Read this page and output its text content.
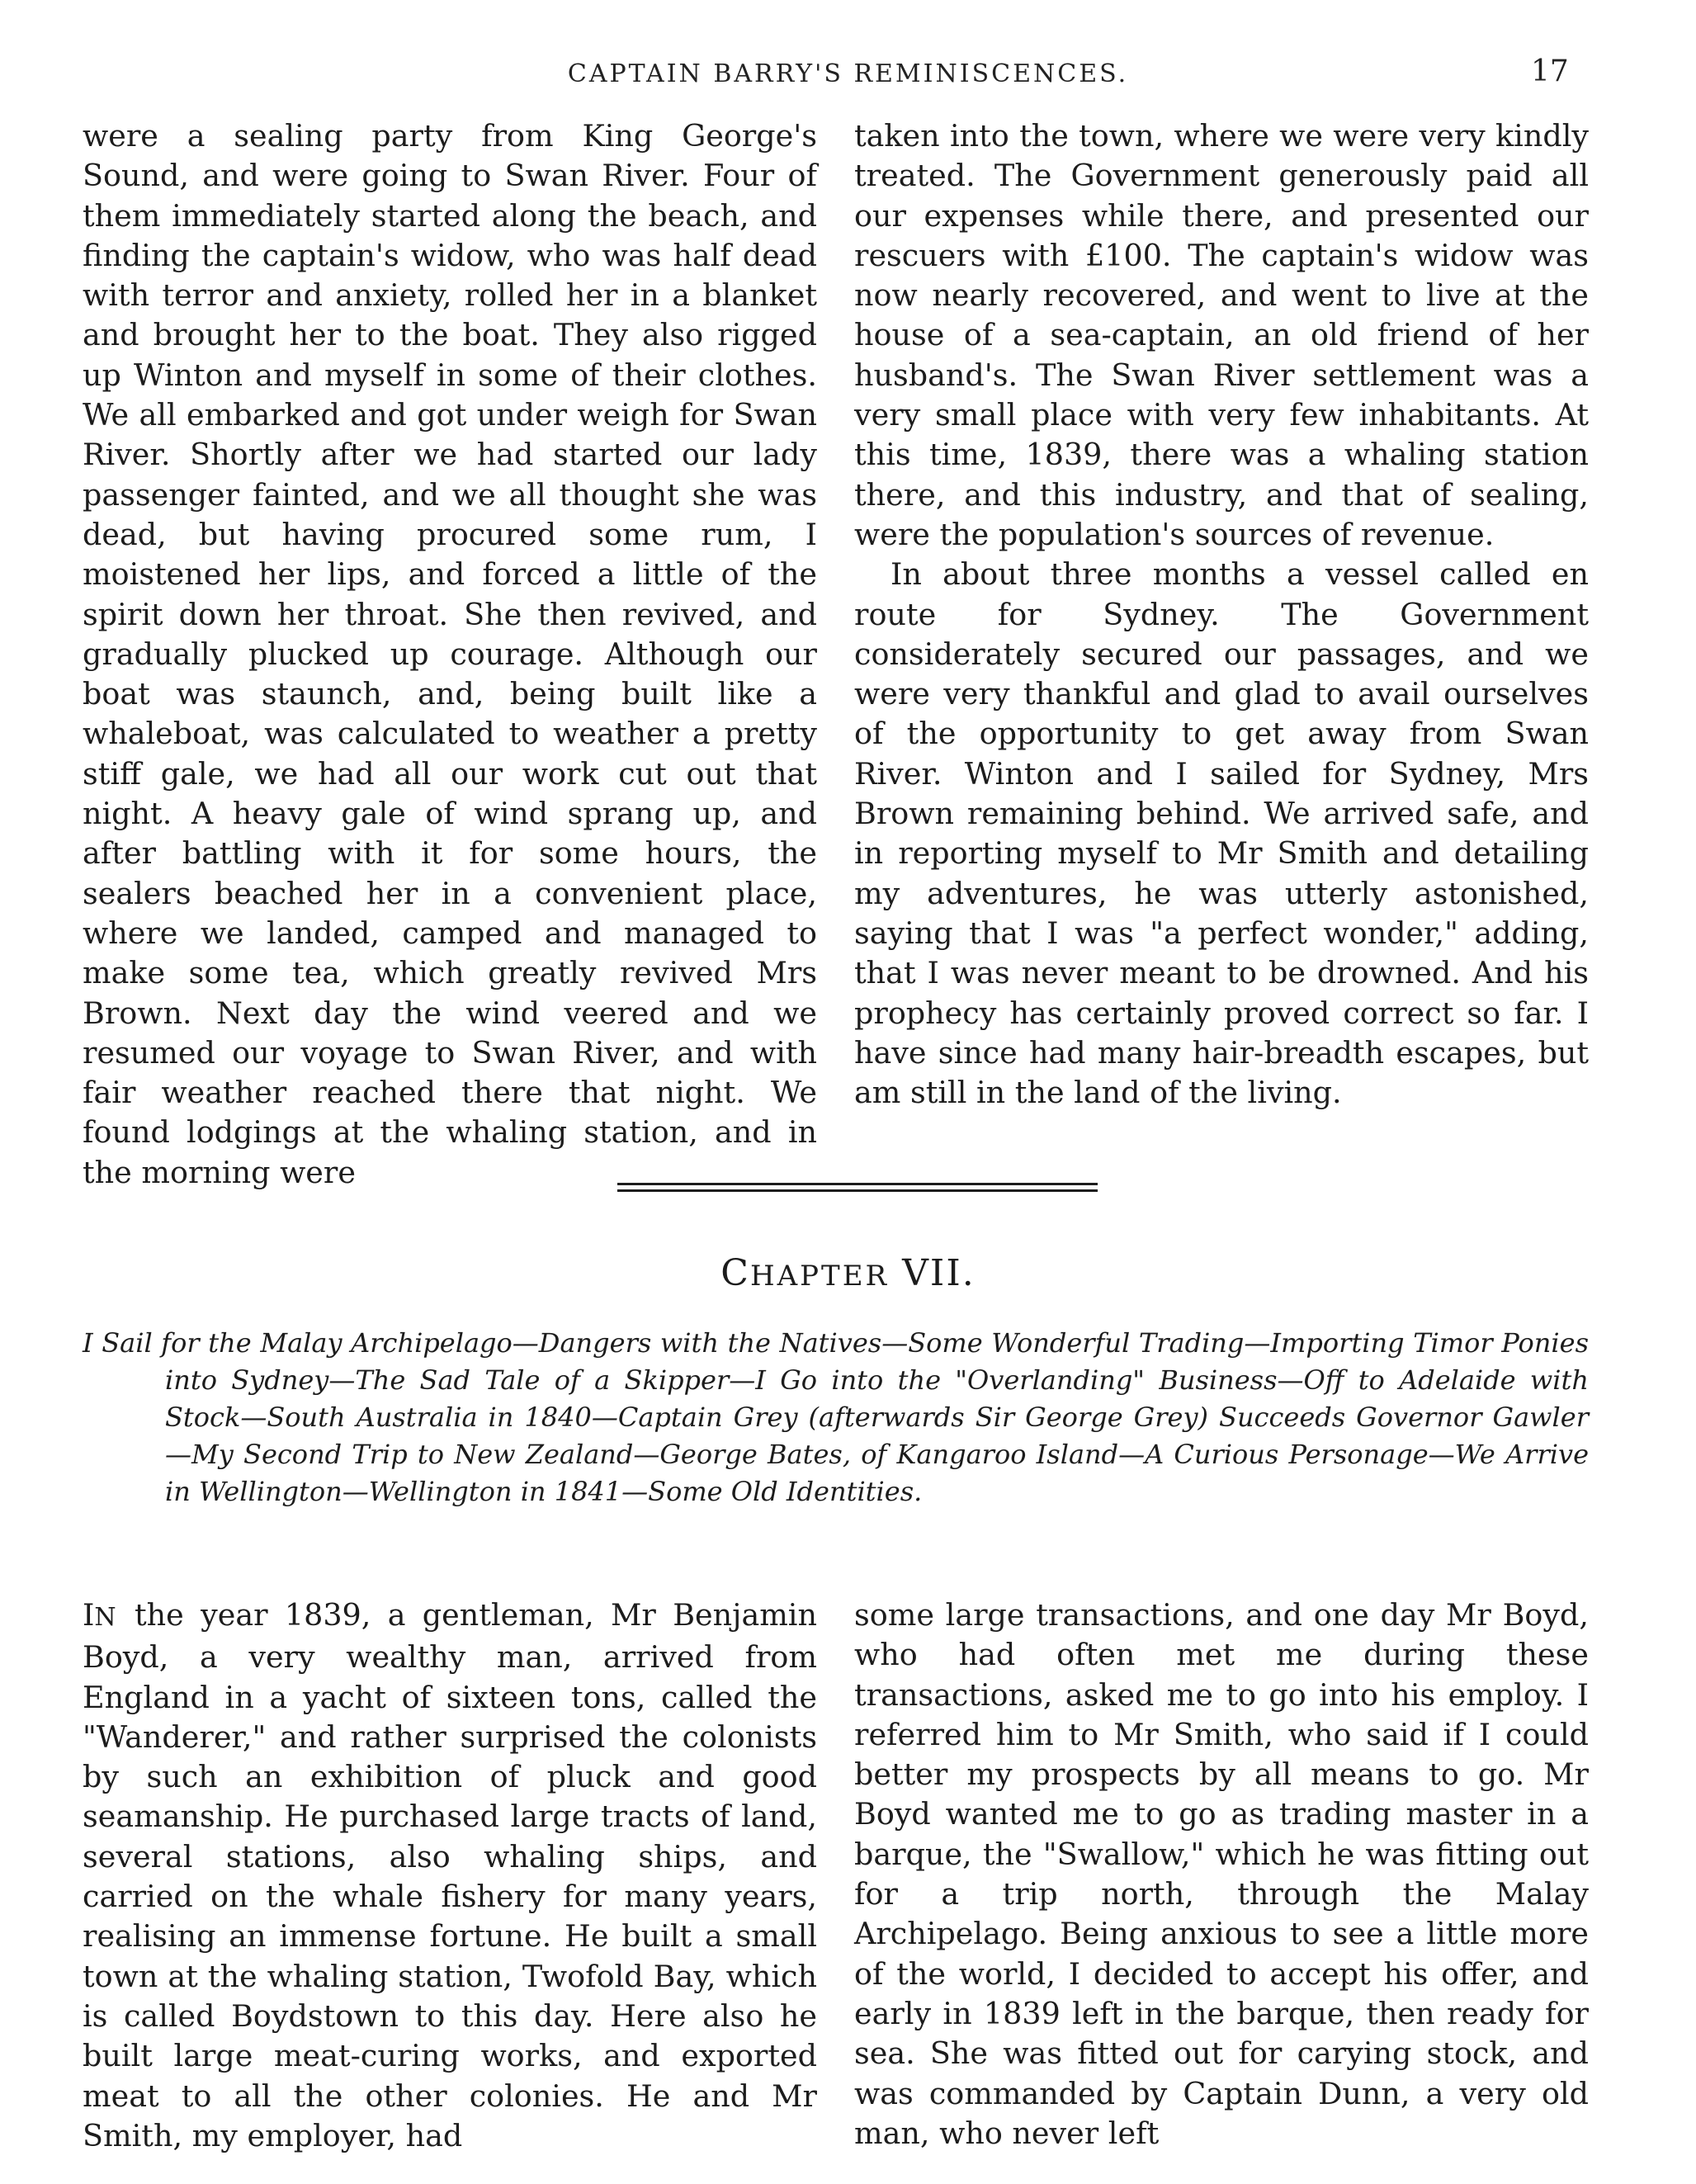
CAPTAIN BARRY'S REMINISCENCES.	17

were a sealing party from King George's Sound, and were going to Swan River. Four of them immediately started along the beach, and finding the captain's widow, who was half dead with terror and anxiety, rolled her in a blanket and brought her to the boat. They also rigged up Winton and myself in some of their clothes. We all embarked and got under weigh for Swan River. Shortly after we had started our lady passenger fainted, and we all thought she was dead, but having procured some rum, I moistened her lips, and forced a little of the spirit down her throat. She then revived, and gradually plucked up courage. Although our boat was staunch, and, being built like a whaleboat, was calculated to weather a pretty stiff gale, we had all our work cut out that night. A heavy gale of wind sprang up, and after battling with it for some hours, the sealers beached her in a convenient place, where we landed, camped and managed to make some tea, which greatly revived Mrs Brown. Next day the wind veered and we resumed our voyage to Swan River, and with fair weather reached there that night. We found lodgings at the whaling station, and in the morning were

taken into the town, where we were very kindly treated. The Government generously paid all our expenses while there, and presented our rescuers with £100. The captain's widow was now nearly recovered, and went to live at the house of a sea-captain, an old friend of her husband's. The Swan River settlement was a very small place with very few inhabitants. At this time, 1839, there was a whaling station there, and this industry, and that of sealing, were the population's sources of revenue.

In about three months a vessel called en route for Sydney. The Government considerately secured our passages, and we were very thankful and glad to avail ourselves of the opportunity to get away from Swan River. Winton and I sailed for Sydney, Mrs Brown remaining behind. We arrived safe, and in reporting myself to Mr Smith and detailing my adventures, he was utterly astonished, saying that I was "a perfect wonder," adding, that I was never meant to be drowned. And his prophecy has certainly proved correct so far. I have since had many hair-breadth escapes, but am still in the land of the living.

CHAPTER VII.
I Sail for the Malay Archipelago—Dangers with the Natives—Some Wonderful Trading—Importing Timor Ponies into Sydney—The Sad Tale of a Skipper—I Go into the "Overlanding" Business—Off to Adelaide with Stock—South Australia in 1840—Captain Grey (afterwards Sir George Grey) Succeeds Governor Gawler—My Second Trip to New Zealand—George Bates, of Kangaroo Island—A Curious Personage—We Arrive in Wellington—Wellington in 1841—Some Old Identities.

IN the year 1839, a gentleman, Mr Benjamin Boyd, a very wealthy man, arrived from England in a yacht of sixteen tons, called the "Wanderer," and rather surprised the colonists by such an exhibition of pluck and good seamanship. He purchased large tracts of land, several stations, also whaling ships, and carried on the whale fishery for many years, realising an immense fortune. He built a small town at the whaling station, Twofold Bay, which is called Boydstown to this day. Here also he built large meat-curing works, and exported meat to all the other colonies. He and Mr Smith, my employer, had

some large transactions, and one day Mr Boyd, who had often met me during these transactions, asked me to go into his employ. I referred him to Mr Smith, who said if I could better my prospects by all means to go. Mr Boyd wanted me to go as trading master in a barque, the "Swallow," which he was fitting out for a trip north, through the Malay Archipelago. Being anxious to see a little more of the world, I decided to accept his offer, and early in 1839 left in the barque, then ready for sea. She was fitted out for carying stock, and was commanded by Captain Dunn, a very old man, who never left
